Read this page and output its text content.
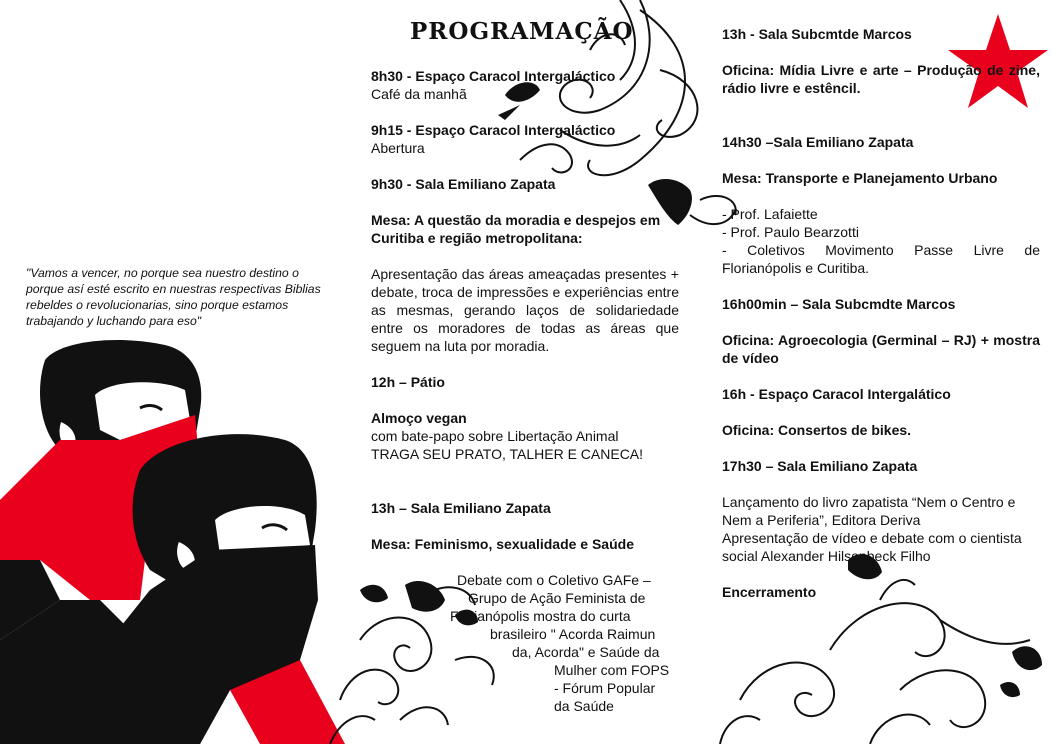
"Vamos a vencer, no porque sea nuestro destino o porque así esté escrito en nuestras respectivas Biblias rebeldes o revolucionarias, sino porque estamos trabajando y luchando para eso"
PROGRAMAÇÃO

8h30 - Espaço Caracol Intergaláctico

Café da manhã

9h15 - Espaço Caracol Intergaláctico

Abertura

9h30 - Sala Emiliano Zapata

Mesa: A questão da moradia e despejos em Curitiba e região metropolitana:

Apresentação das áreas ameaçadas presentes + debate, troca de impressões e experiências entre as mesmas, gerando laços de solidariedade entre os moradores de todas as áreas que seguem na luta por moradia.

12h – Pátio

Almoço vegan

com bate-papo sobre Libertação Animal

TRAGA SEU PRATO, TALHER E CANECA!

13h – Sala Emiliano Zapata

Mesa: Feminismo, sexualidade e Saúde

Debate com o Coletivo GAFe –

Grupo de Ação Feminista de

Florianópolis mostra do curta

brasileiro " Acorda Raimun

da, Acorda" e Saúde da

Mulher com FOPS

- Fórum Popular

da Saúde

13h - Sala Subcmtde Marcos

Oficina: Mídia Livre e arte – Produção de zine, rádio livre e estêncil.

14h30 –Sala Emiliano Zapata

Mesa: Transporte e Planejamento Urbano

- Prof. Lafaiette

- Prof. Paulo Bearzotti

- Coletivos Movimento Passe Livre de Florianópolis e Curitiba.

16h00min – Sala Subcmdte Marcos

Oficina: Agroecologia (Germinal – RJ) + mostra de vídeo

16h - Espaço Caracol Intergalático

Oficina: Consertos de bikes.

17h30 – Sala Emiliano Zapata

Lançamento do livro zapatista “Nem o Centro e Nem a Periferia”, Editora Deriva

Apresentação de vídeo e debate com o cientista social Alexander Hilsenbeck Filho

Encerramento
